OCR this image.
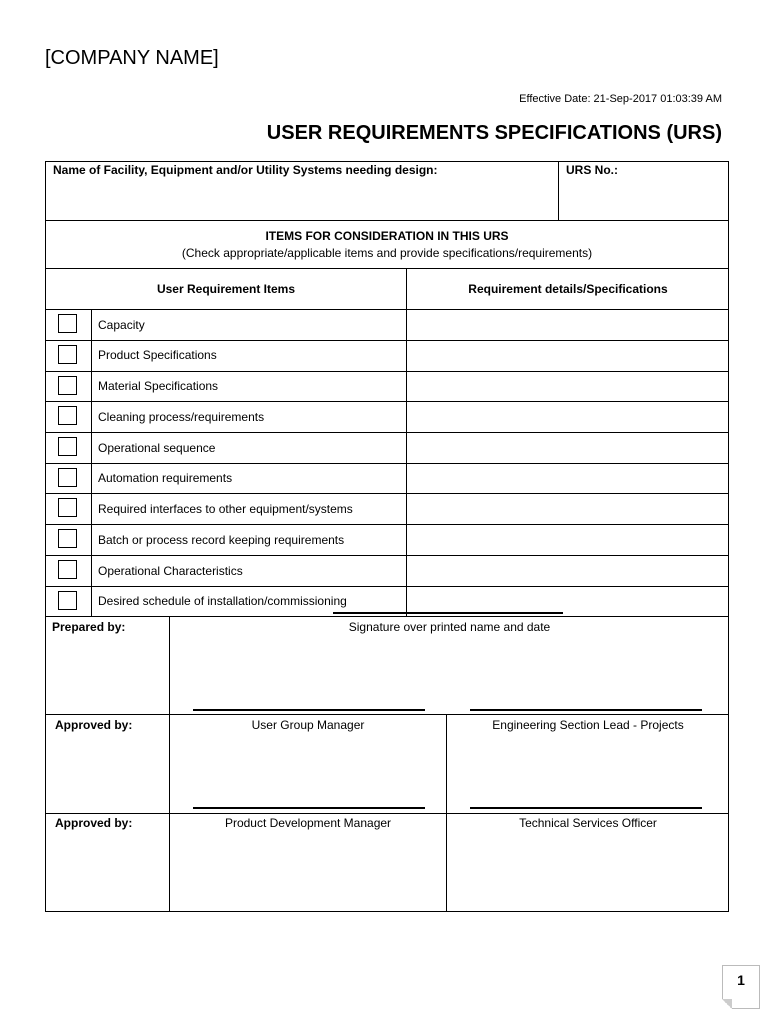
[COMPANY NAME]
Effective Date: 21-Sep-2017 01:03:39 AM
USER REQUIREMENTS SPECIFICATIONS (URS)
Name of Facility, Equipment and/or Utility Systems needing design:	URS No.:
ITEMS FOR CONSIDERATION IN THIS URS
(Check appropriate/applicable items and provide specifications/requirements)
User Requirement Items	Requirement details/Specifications
Capacity
Product Specifications
Material Specifications
Cleaning process/requirements
Operational sequence
Automation requirements
Required interfaces to other equipment/systems
Batch or process record keeping requirements
Operational Characteristics
Desired schedule of installation/commissioning
Prepared by:	Signature over printed name and date
Approved by:	User Group Manager	Engineering Section Lead - Projects
Approved by:	Product Development Manager	Technical Services Officer
1
